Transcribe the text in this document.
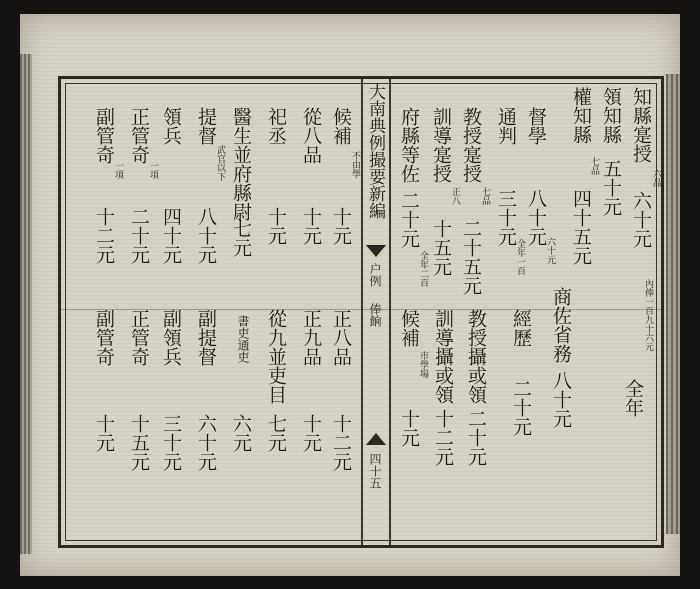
大南典例撮要新編
户例
俸餉
四十五
知縣寔授
六品
六十元
領知縣
五十元
權知縣
七品
四十五元
督學
八十元
六十元
通判
三十元
全年一百
教授寔授
七品
二十五元
訓導寔授
正八
十五元
府縣等佐
二十元
全年二百
內俸一百九十六元
全年
商佐省務
八十元
經歷
二十元
教授攝或領
二十元
訓導攝或領
十二元
候補
市學場
十元
候補
不由學
十元
從八品
十元
祀丞
十元
醫生並府縣尉
七元
提督
武官以下
八十元
領兵
四十元
正管奇
一項
二十元
副管奇
一項
十二元
正八品
十二元
正九品
十元
從九並吏目
七元
書吏通吏
六元
副提督
六十元
副領兵
三十元
正管奇
十五元
副管奇
十元
